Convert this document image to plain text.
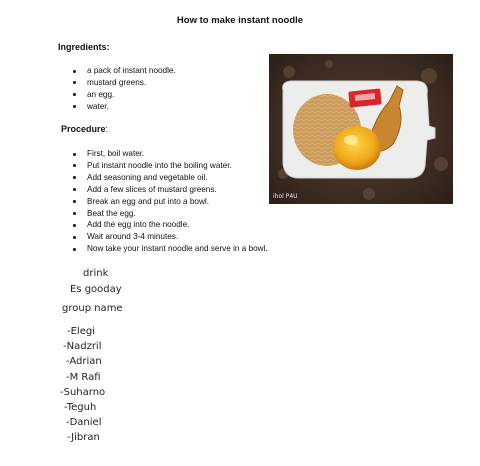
How to make instant noodle
Ingredients:
a pack of instant noodle.
mustard greens.
an egg.
water.
Procedure:
First, boil water.
Put instant noodle into the boiling water.
Add seasoning and vegetable oil.
Add a few slices of mustard greens.
Break an egg and put into a bowl.
Beat the egg.
Add the egg into the noodle.
Wait around 3-4 minutes.
Now take your instant noodle and serve in a bowl.
ihol P4U
drink
Es gooday
group name
-Elegi
-Nadzril
-Adrian
-M Rafi
-Suharno
-Teguh
-Daniel
-Jibran
